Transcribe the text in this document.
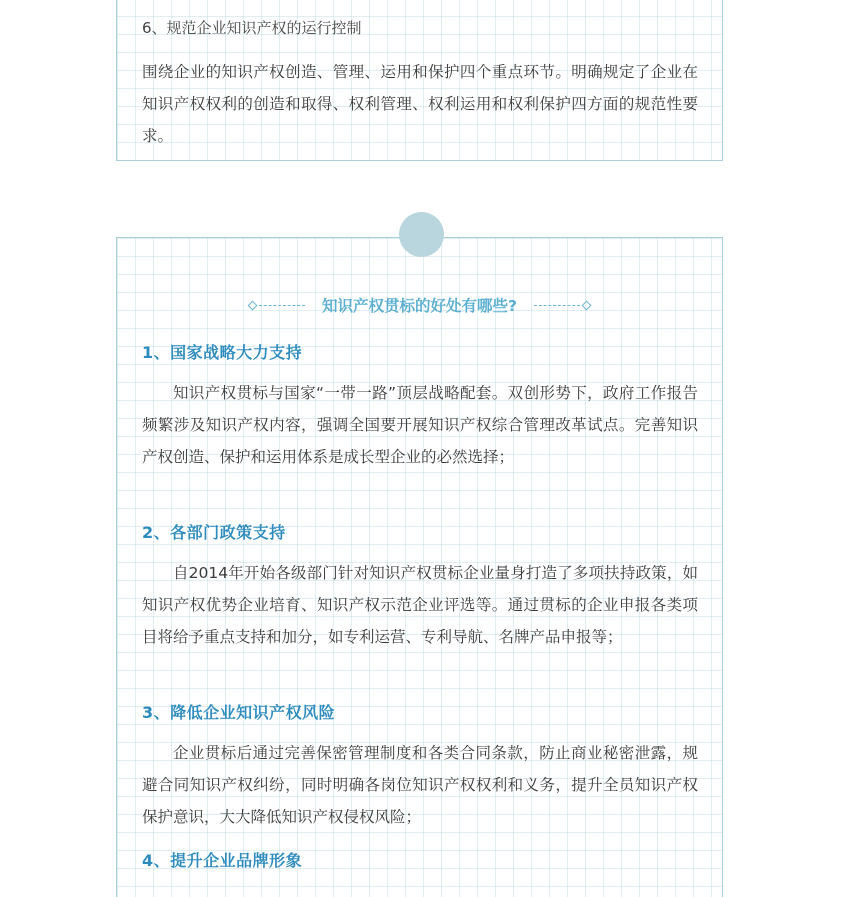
6、规范企业知识产权的运行控制
围绕企业的知识产权创造、管理、运用和保护四个重点环节。明确规定了企业在知识产权权利的创造和取得、权利管理、权利运用和权利保护四方面的规范性要求。
知识产权贯标的好处有哪些?
1、国家战略大力支持
知识产权贯标与国家“一带一路”顶层战略配套。双创形势下，政府工作报告频繁涉及知识产权内容，强调全国要开展知识产权综合管理改革试点。完善知识产权创造、保护和运用体系是成长型企业的必然选择；
2、各部门政策支持
自2014年开始各级部门针对知识产权贯标企业量身打造了多项扶持政策，如知识产权优势企业培育、知识产权示范企业评选等。通过贯标的企业申报各类项目将给予重点支持和加分，如专利运营、专利导航、名牌产品申报等；
3、降低企业知识产权风险
企业贯标后通过完善保密管理制度和各类合同条款，防止商业秘密泄露，规避合同知识产权纠纷，同时明确各岗位知识产权权利和义务，提升全员知识产权保护意识，大大降低知识产权侵权风险；
4、提升企业品牌形象
